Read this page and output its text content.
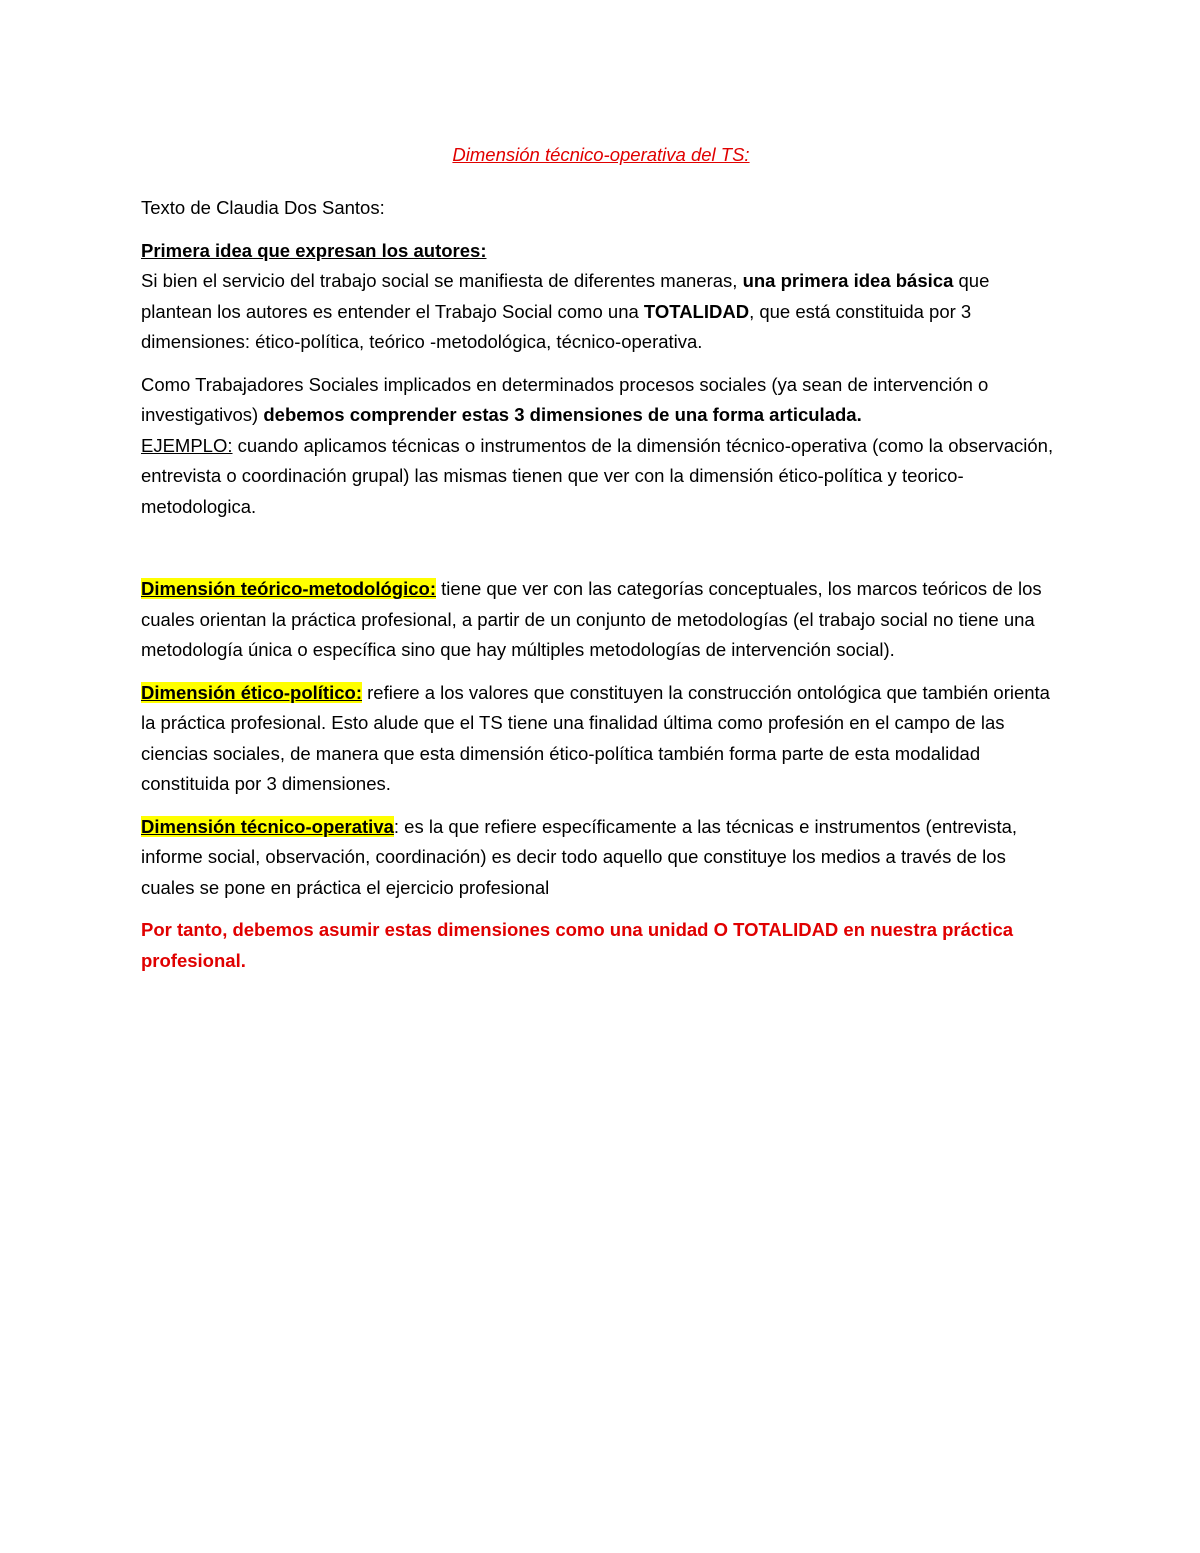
Dimensión técnico-operativa del TS:

Texto de Claudia Dos Santos:

Primera idea que expresan los autores:

Si bien el servicio del trabajo social se manifiesta de diferentes maneras, una primera idea básica que plantean los autores es entender el Trabajo Social como una TOTALIDAD, que está constituida por 3 dimensiones: ético-política, teórico -metodológica, técnico-operativa.

Como Trabajadores Sociales implicados en determinados procesos sociales (ya sean de intervención o investigativos) debemos comprender estas 3 dimensiones de una forma articulada.

EJEMPLO: cuando aplicamos técnicas o instrumentos de la dimensión técnico-operativa (como la observación, entrevista o coordinación grupal) las mismas tienen que ver con la dimensión ético-política y teorico-metodologica.

Dimensión teórico-metodológico: tiene que ver con las categorías conceptuales, los marcos teóricos de los cuales orientan la práctica profesional, a partir de un conjunto de metodologías (el trabajo social no tiene una metodología única o específica sino que hay múltiples metodologías de intervención social).

Dimensión ético-político: refiere a los valores que constituyen la construcción ontológica que también orienta la práctica profesional. Esto alude que el TS tiene una finalidad última como profesión en el campo de las ciencias sociales, de manera que esta dimensión ético-política también forma parte de esta modalidad constituida por 3 dimensiones.

Dimensión técnico-operativa: es la que refiere específicamente a las técnicas e instrumentos (entrevista, informe social, observación, coordinación) es decir todo aquello que constituye los medios a través de los cuales se pone en práctica el ejercicio profesional

Por tanto, debemos asumir estas dimensiones como una unidad O TOTALIDAD en nuestra práctica profesional.
